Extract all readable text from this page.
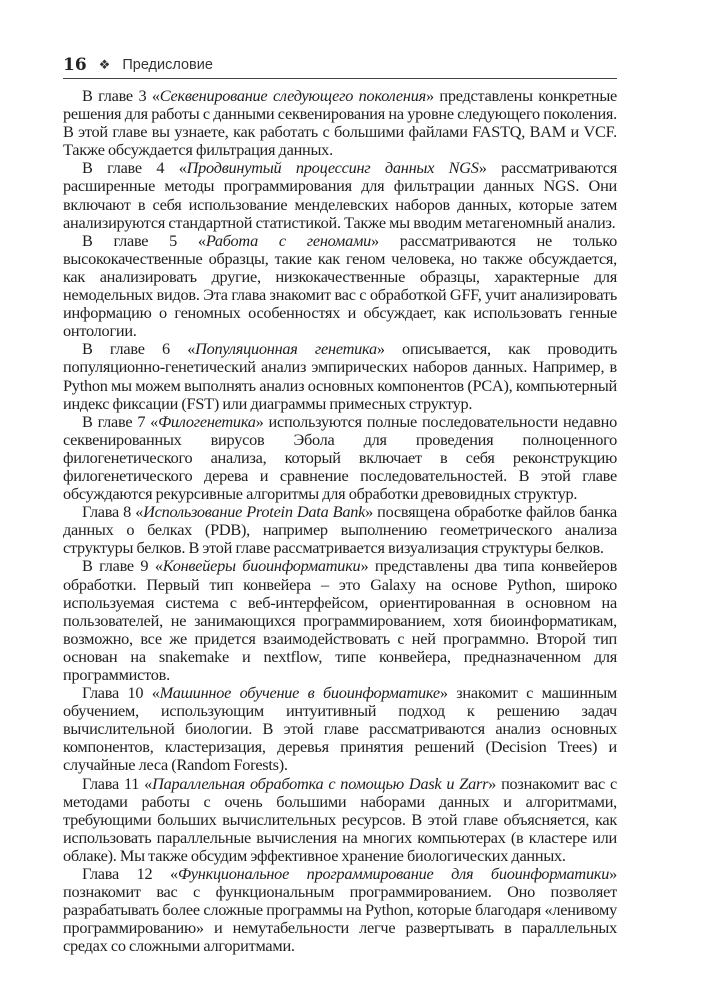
16 ❖ Предисловие

В главе 3 «Секвенирование следующего поколения» представлены конкретные решения для работы с данными секвенирования на уровне следующего поколения. В этой главе вы узнаете, как работать с большими файлами FASTQ, BAM и VCF. Также обсуждается фильтрация данных.

В главе 4 «Продвинутый процессинг данных NGS» рассматриваются расширенные методы программирования для фильтрации данных NGS. Они включают в себя использование менделевских наборов данных, которые затем анализируются стандартной статистикой. Также мы вводим метагеномный анализ.

В главе 5 «Работа с геномами» рассматриваются не только высококачественные образцы, такие как геном человека, но также обсуждается, как анализировать другие, низкокачественные образцы, характерные для немодельных видов. Эта глава знакомит вас с обработкой GFF, учит анализировать информацию о геномных особенностях и обсуждает, как использовать генные онтологии.

В главе 6 «Популяционная генетика» описывается, как проводить популяционно-генетический анализ эмпирических наборов данных. Например, в Python мы можем выполнять анализ основных компонентов (PCA), компьютерный индекс фиксации (FST) или диаграммы примесных структур.

В главе 7 «Филогенетика» используются полные последовательности недавно секвенированных вирусов Эбола для проведения полноценного филогенетического анализа, который включает в себя реконструкцию филогенетического дерева и сравнение последовательностей. В этой главе обсуждаются рекурсивные алгоритмы для обработки древовидных структур.

Глава 8 «Использование Protein Data Bank» посвящена обработке файлов банка данных о белках (PDB), например выполнению геометрического анализа структуры белков. В этой главе рассматривается визуализация структуры белков.

В главе 9 «Конвейеры биоинформатики» представлены два типа конвейеров обработки. Первый тип конвейера – это Galaxy на основе Python, широко используемая система с веб-интерфейсом, ориентированная в основном на пользователей, не занимающихся программированием, хотя биоинформатикам, возможно, все же придется взаимодействовать с ней программно. Второй тип основан на snakemake и nextflow, типе конвейера, предназначенном для программистов.

Глава 10 «Машинное обучение в биоинформатике» знакомит с машинным обучением, использующим интуитивный подход к решению задач вычислительной биологии. В этой главе рассматриваются анализ основных компонентов, кластеризация, деревья принятия решений (Decision Trees) и случайные леса (Random Forests).

Глава 11 «Параллельная обработка с помощью Dask и Zarr» познакомит вас с методами работы с очень большими наборами данных и алгоритмами, требующими больших вычислительных ресурсов. В этой главе объясняется, как использовать параллельные вычисления на многих компьютерах (в кластере или облаке). Мы также обсудим эффективное хранение биологических данных.

Глава 12 «Функциональное программирование для биоинформатики» познакомит вас с функциональным программированием. Оно позволяет разрабатывать более сложные программы на Python, которые благодаря «ленивому программированию» и немутабельности легче развертывать в параллельных средах со сложными алгоритмами.
